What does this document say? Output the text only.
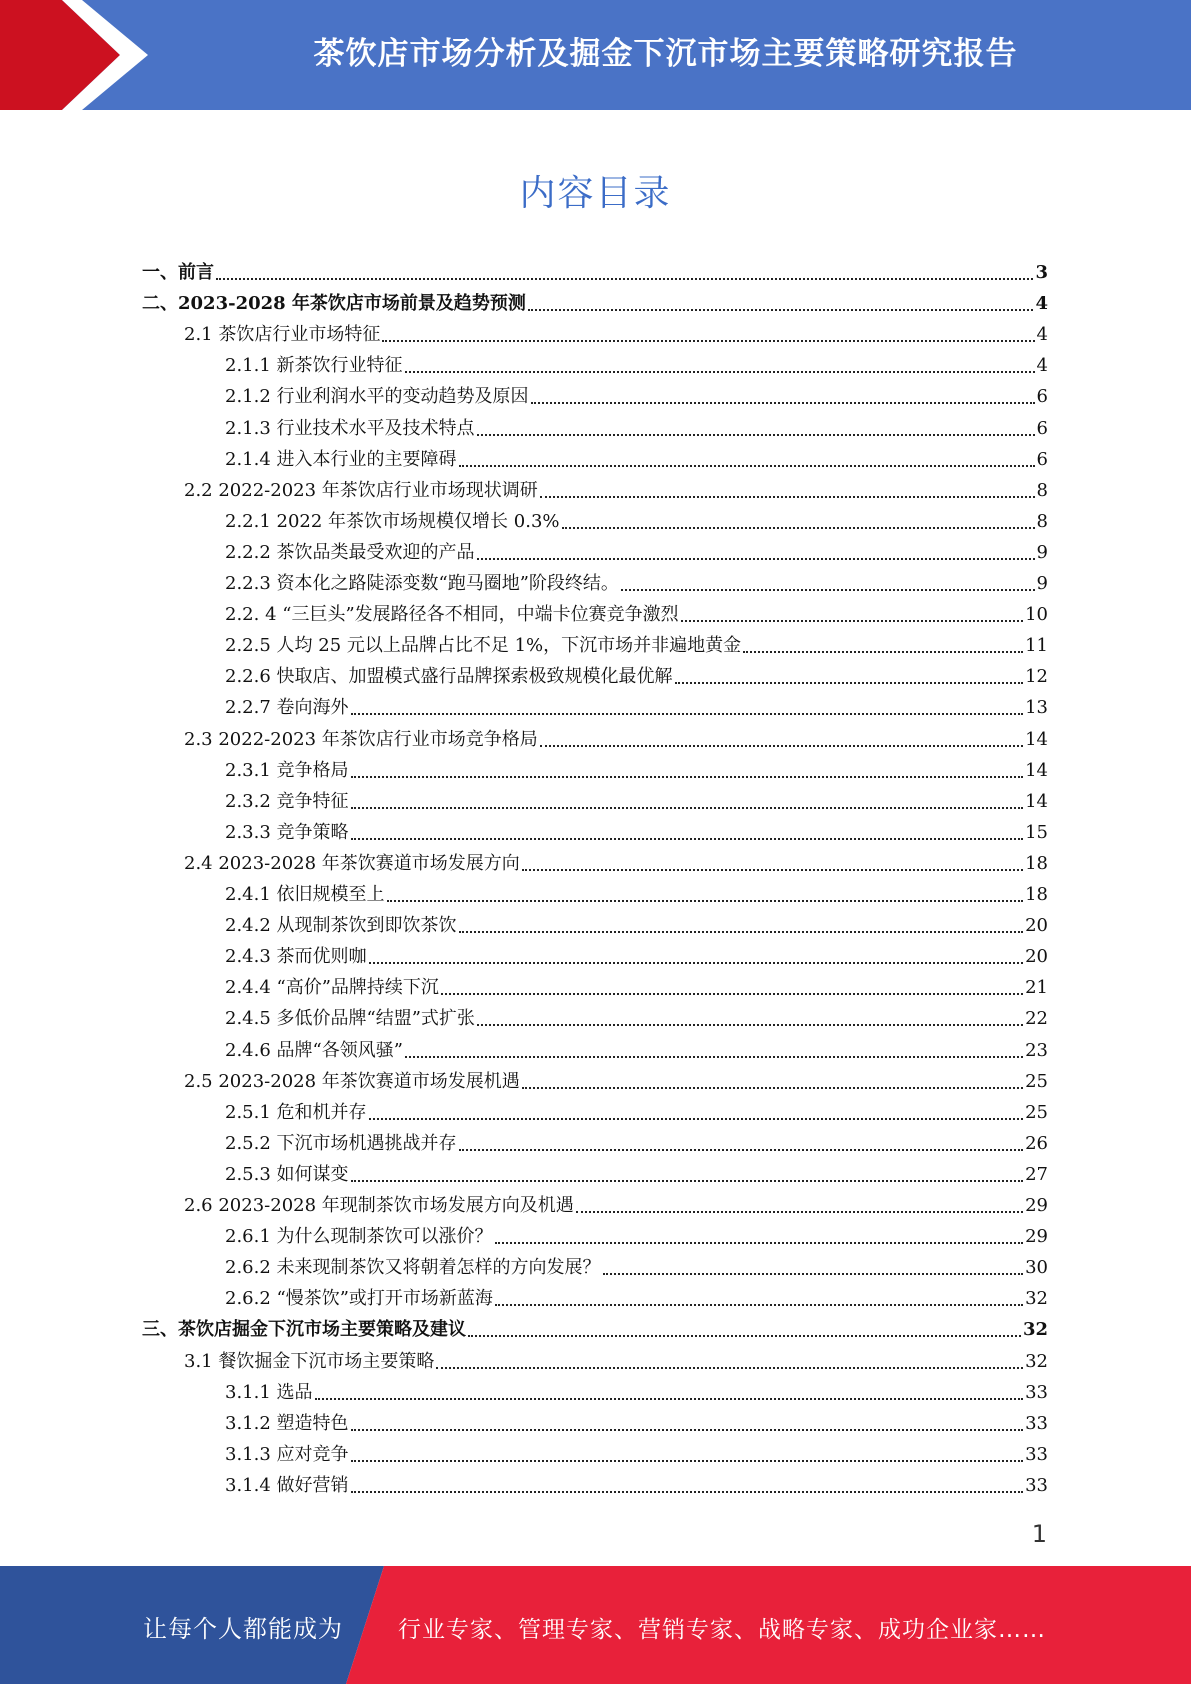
茶饮店市场分析及掘金下沉市场主要策略研究报告
内容目录
一、前言	3
二、2023-2028 年茶饮店市场前景及趋势预测	4
2.1 茶饮店行业市场特征	4
2.1.1 新茶饮行业特征	4
2.1.2 行业利润水平的变动趋势及原因	6
2.1.3 行业技术水平及技术特点	6
2.1.4 进入本行业的主要障碍	6
2.2 2022-2023 年茶饮店行业市场现状调研	8
2.2.1 2022 年茶饮市场规模仅增长 0.3%	8
2.2.2 茶饮品类最受欢迎的产品	9
2.2.3 资本化之路陡添变数“跑马圈地”阶段终结。	9
2.2. 4 “三巨头”发展路径各不相同，中端卡位赛竞争激烈	10
2.2.5 人均 25 元以上品牌占比不足 1%，下沉市场并非遍地黄金	11
2.2.6 快取店、加盟模式盛行品牌探索极致规模化最优解	12
2.2.7 卷向海外	13
2.3 2022-2023 年茶饮店行业市场竞争格局	14
2.3.1 竞争格局	14
2.3.2 竞争特征	14
2.3.3 竞争策略	15
2.4 2023-2028 年茶饮赛道市场发展方向	18
2.4.1 依旧规模至上	18
2.4.2 从现制茶饮到即饮茶饮	20
2.4.3 茶而优则咖	20
2.4.4 “高价”品牌持续下沉	21
2.4.5 多低价品牌“结盟”式扩张	22
2.4.6 品牌“各领风骚”	23
2.5 2023-2028 年茶饮赛道市场发展机遇	25
2.5.1 危和机并存	25
2.5.2 下沉市场机遇挑战并存	26
2.5.3 如何谋变	27
2.6 2023-2028 年现制茶饮市场发展方向及机遇	29
2.6.1 为什么现制茶饮可以涨价？	29
2.6.2 未来现制茶饮又将朝着怎样的方向发展？	30
2.6.2 “慢茶饮”或打开市场新蓝海	32
三、茶饮店掘金下沉市场主要策略及建议	32
3.1 餐饮掘金下沉市场主要策略	32
3.1.1 选品	33
3.1.2 塑造特色	33
3.1.3 应对竞争	33
3.1.4 做好营销	33
1
让每个人都能成为 行业专家、管理专家、营销专家、战略专家、成功企业家……
